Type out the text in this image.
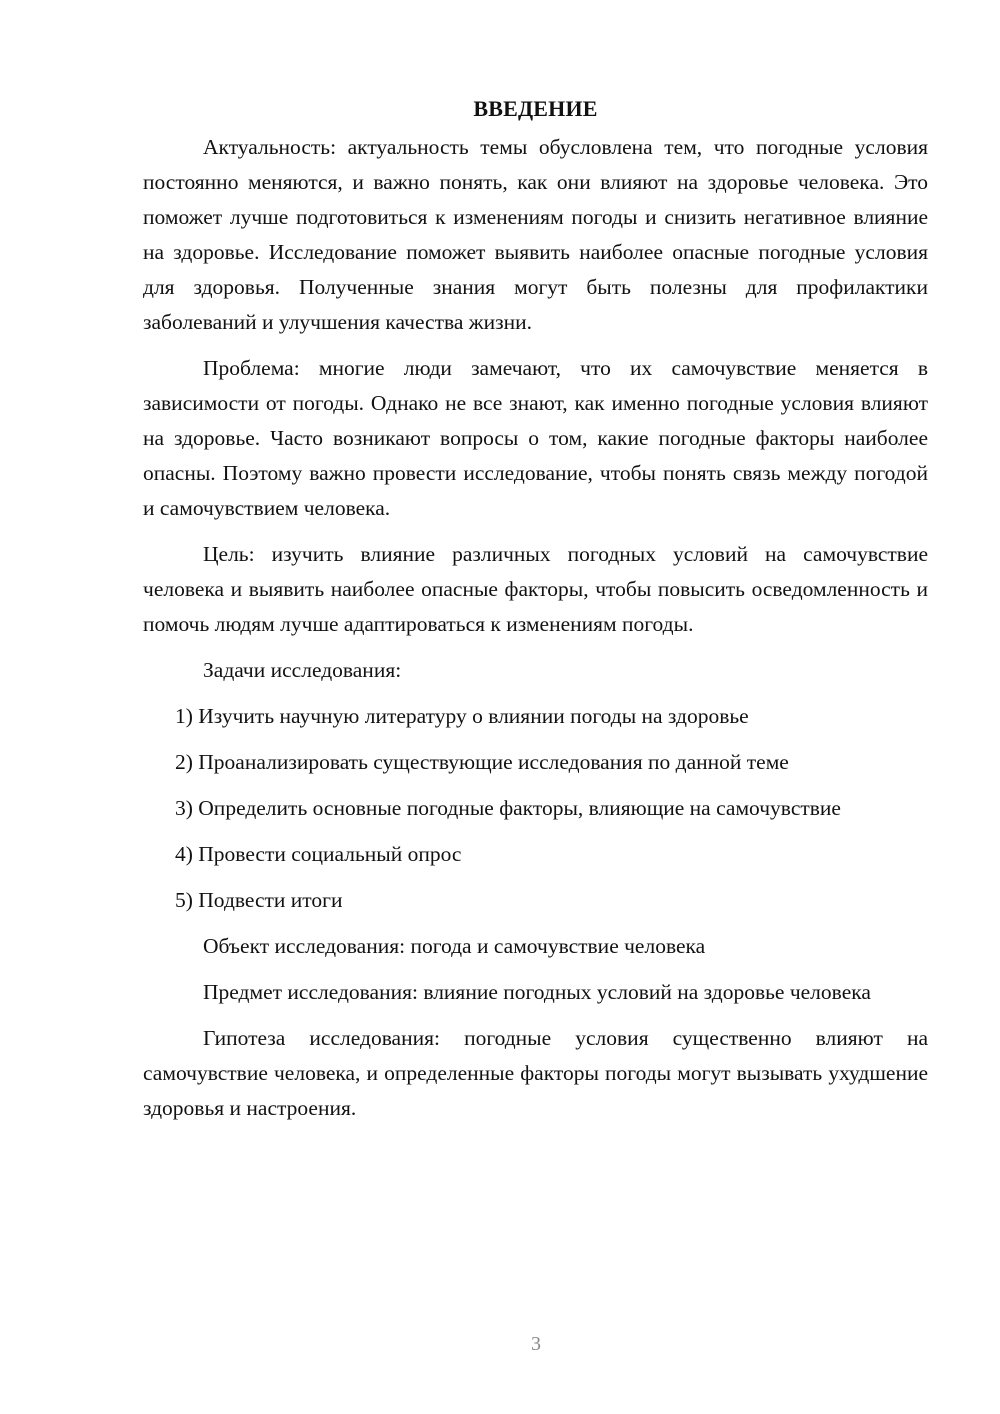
ВВЕДЕНИЕ

Актуальность: актуальность темы обусловлена тем, что погодные условия постоянно меняются, и важно понять, как они влияют на здоровье человека. Это поможет лучше подготовиться к изменениям погоды и снизить негативное влияние на здоровье. Исследование поможет выявить наиболее опасные погодные условия для здоровья. Полученные знания могут быть полезны для профилактики заболеваний и улучшения качества жизни.

Проблема: многие люди замечают, что их самочувствие меняется в зависимости от погоды. Однако не все знают, как именно погодные условия влияют на здоровье. Часто возникают вопросы о том, какие погодные факторы наиболее опасны. Поэтому важно провести исследование, чтобы понять связь между погодой и самочувствием человека.

Цель: изучить влияние различных погодных условий на самочувствие человека и выявить наиболее опасные факторы, чтобы повысить осведомленность и помочь людям лучше адаптироваться к изменениям погоды.

Задачи исследования:

1) Изучить научную литературу о влиянии погоды на здоровье
2) Проанализировать существующие исследования по данной теме
3) Определить основные погодные факторы, влияющие на самочувствие
4) Провести социальный опрос
5) Подвести итоги

Объект исследования: погода и самочувствие человека

Предмет исследования: влияние погодных условий на здоровье человека

Гипотеза исследования: погодные условия существенно влияют на самочувствие человека, и определенные факторы погоды могут вызывать ухудшение здоровья и настроения.

3
